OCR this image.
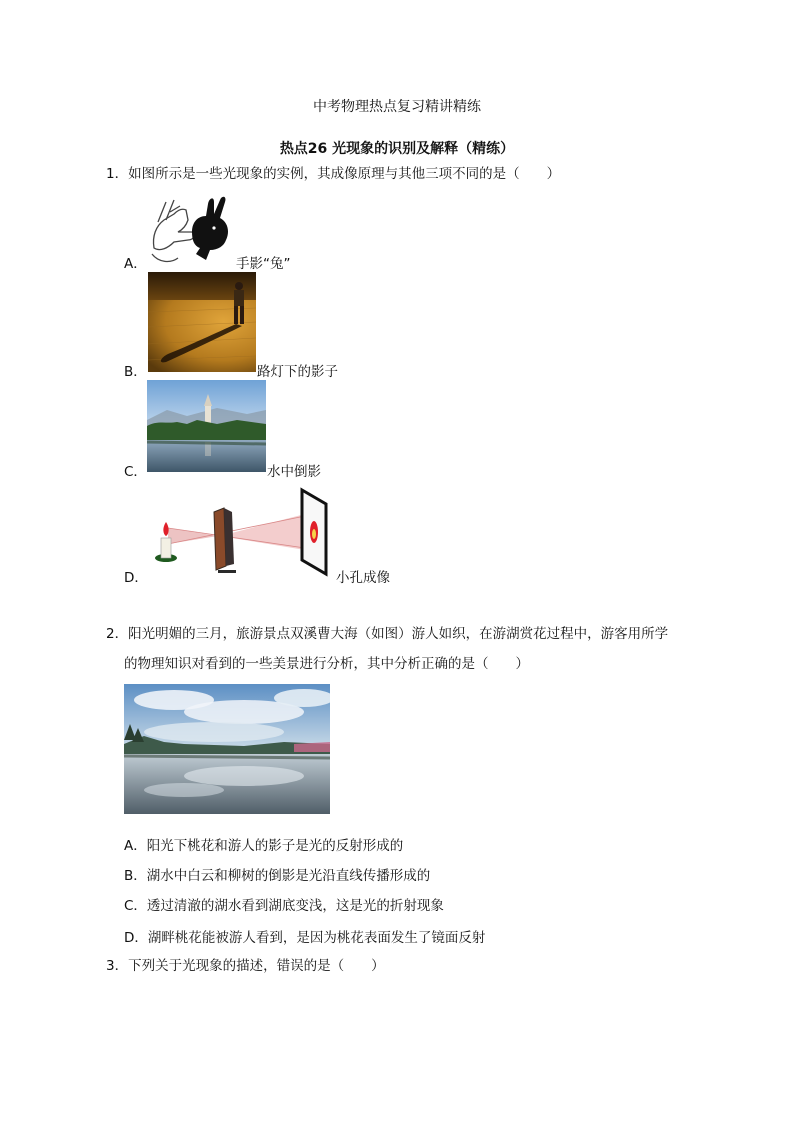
中考物理热点复习精讲精练
热点26 光现象的识别及解释（精练）
1．如图所示是一些光现象的实例，其成像原理与其他三项不同的是（　　）
A．	手影“兔”
B．	路灯下的影子
C．	水中倒影
D．	小孔成像
2．阳光明媚的三月，旅游景点双溪曹大海（如图）游人如织，在游湖赏花过程中，游客用所学
的物理知识对看到的一些美景进行分析，其中分析正确的是（　　）
A．阳光下桃花和游人的影子是光的反射形成的
B．湖水中白云和柳树的倒影是光沿直线传播形成的
C．透过清澈的湖水看到湖底变浅，这是光的折射现象
D．湖畔桃花能被游人看到，是因为桃花表面发生了镜面反射
3．下列关于光现象的描述，错误的是（　　）
